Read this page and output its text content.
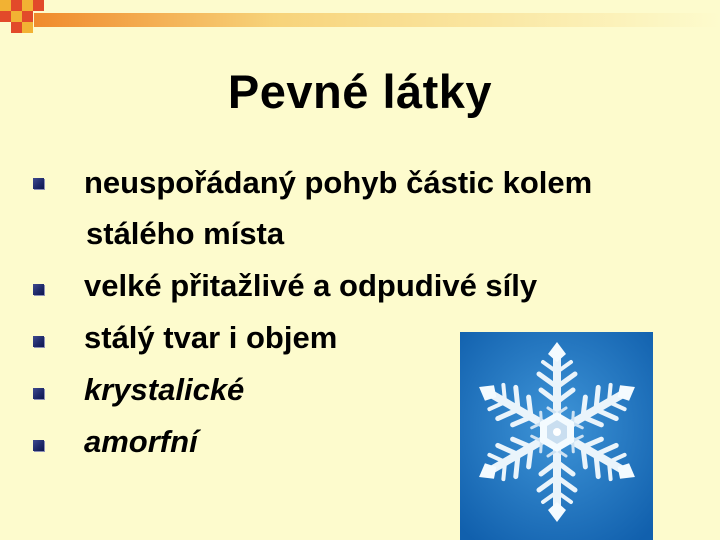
Pevné látky
neuspořádaný pohyb částic kolem
stálého místa
velké přitažlivé a odpudivé síly
stálý tvar i objem
krystalické
amorfní
